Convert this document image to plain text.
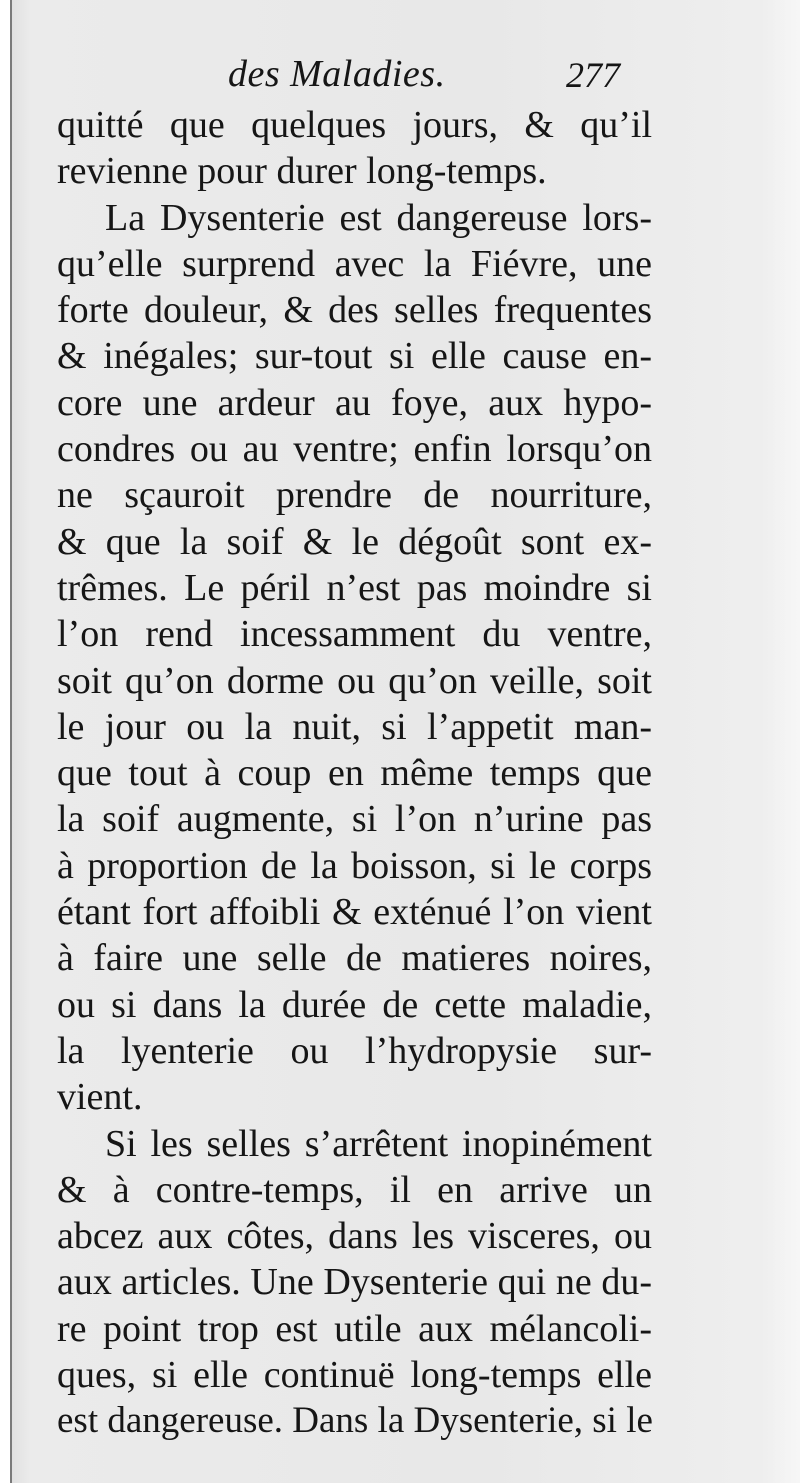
des Maladies.	277
quitté que quelques jours, & qu’il
revienne pour durer long-temps.
La Dysenterie est dangereuse lors-
qu’elle surprend avec la Fiévre, une
forte douleur, & des selles frequentes
& inégales; sur-tout si elle cause en-
core une ardeur au foye, aux hypo-
condres ou au ventre; enfin lorsqu’on
ne sçauroit prendre de nourriture,
& que la soif & le dégoût sont ex-
trêmes. Le péril n’est pas moindre si
l’on rend incessamment du ventre,
soit qu’on dorme ou qu’on veille, soit
le jour ou la nuit, si l’appetit man-
que tout à coup en même temps que
la soif augmente, si l’on n’urine pas
à proportion de la boisson, si le corps
étant fort affoibli & exténué l’on vient
à faire une selle de matieres noires,
ou si dans la durée de cette maladie,
la lyenterie ou l’hydropysie sur-
vient.
Si les selles s’arrêtent inopinément
& à contre-temps, il en arrive un
abcez aux côtes, dans les visceres, ou
aux articles. Une Dysenterie qui ne du-
re point trop est utile aux mélancoli-
ques, si elle continuë long-temps elle
est dangereuse. Dans la Dysenterie, si le
